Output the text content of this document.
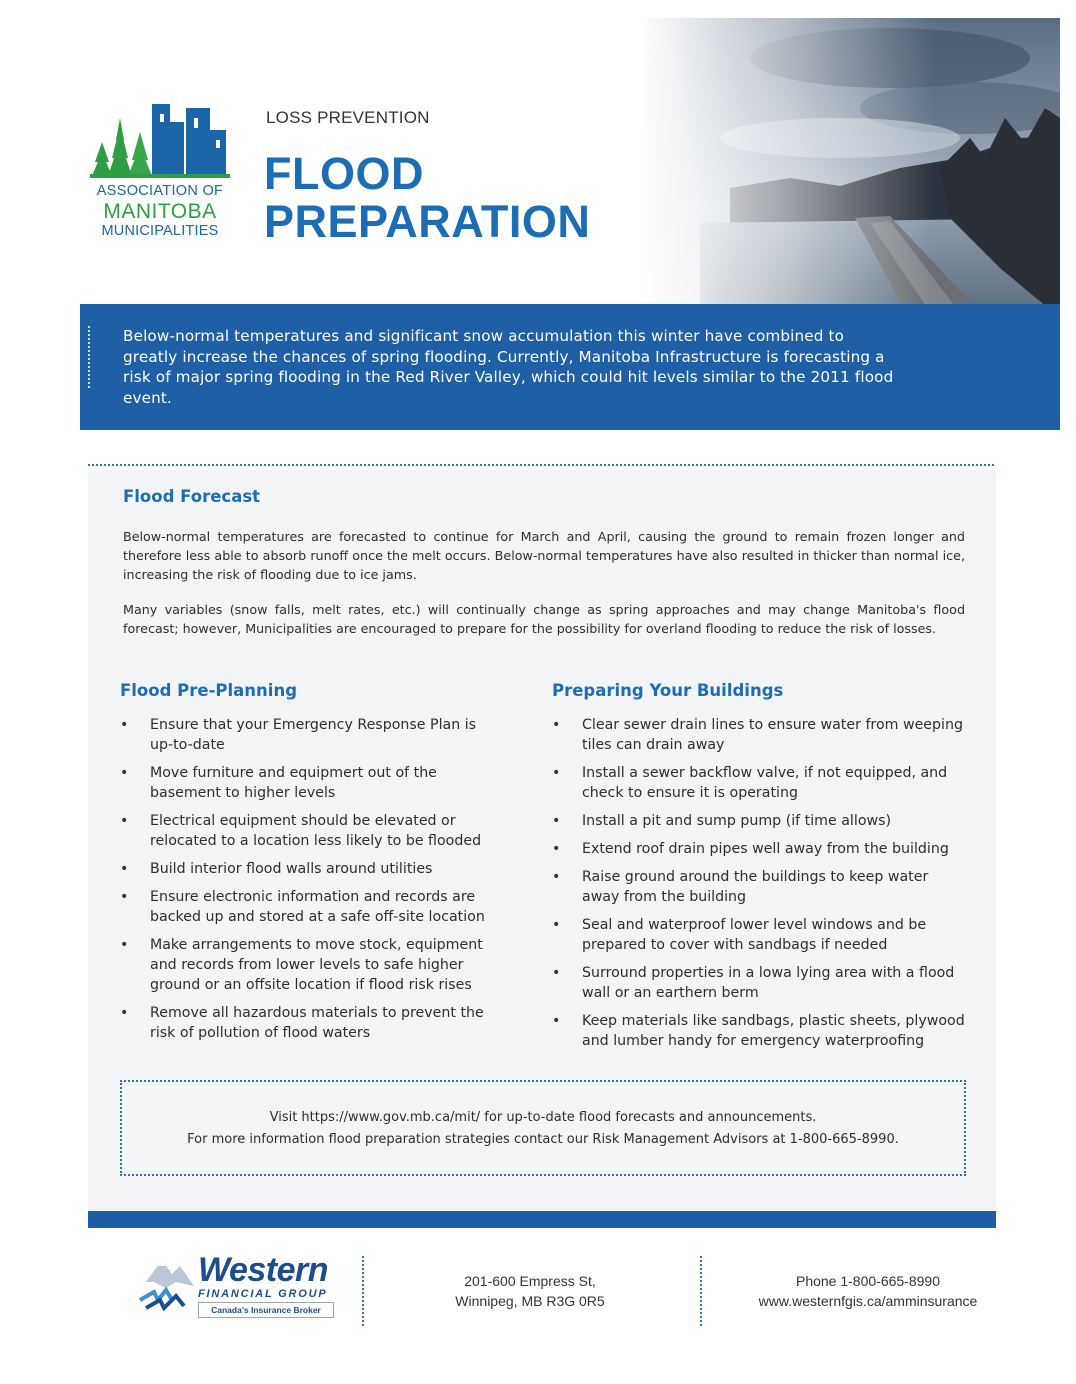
ASSOCIATION OF
MANITOBA
MUNICIPALITIES
LOSS PREVENTION
FLOOD
PREPARATION

Below-normal temperatures and significant snow accumulation this winter have combined to greatly increase the chances of spring flooding. Currently, Manitoba Infrastructure is forecasting a risk of major spring flooding in the Red River Valley, which could hit levels similar to the 2011 flood event.

Flood Forecast

Below-normal temperatures are forecasted to continue for March and April, causing the ground to remain frozen longer and therefore less able to absorb runoff once the melt occurs. Below-normal temperatures have also resulted in thicker than normal ice, increasing the risk of flooding due to ice jams.

Many variables (snow falls, melt rates, etc.) will continually change as spring approaches and may change Manitoba's flood forecast; however, Municipalities are encouraged to prepare for the possibility for overland flooding to reduce the risk of losses.

Flood Pre-Planning
• Ensure that your Emergency Response Plan is up-to-date
• Move furniture and equipmert out of the basement to higher levels
• Electrical equipment should be elevated or relocated to a location less likely to be flooded
• Build interior flood walls around utilities
• Ensure electronic information and records are backed up and stored at a safe off-site location
• Make arrangements to move stock, equipment and records from lower levels to safe higher ground or an offsite location if flood risk rises
• Remove all hazardous materials to prevent the risk of pollution of flood waters
Preparing Your Buildings
• Clear sewer drain lines to ensure water from weeping tiles can drain away
• Install a sewer backflow valve, if not equipped, and check to ensure it is operating
• Install a pit and sump pump (if time allows)
• Extend roof drain pipes well away from the building
• Raise ground around the buildings to keep water away from the building
• Seal and waterproof lower level windows and be prepared to cover with sandbags if needed
• Surround properties in a lowa lying area with a flood wall or an earthern berm
• Keep materials like sandbags, plastic sheets, plywood and lumber handy for emergency waterproofing
Visit https://www.gov.mb.ca/mit/ for up-to-date flood forecasts and announcements.
For more information flood preparation strategies contact our Risk Management Advisors at 1-800-665-8990.
Western
FINANCIAL GROUP
Canada's Insurance Broker
201-600 Empress St,
Winnipeg, MB R3G 0R5
Phone 1-800-665-8990
www.westernfgis.ca/amminsurance
